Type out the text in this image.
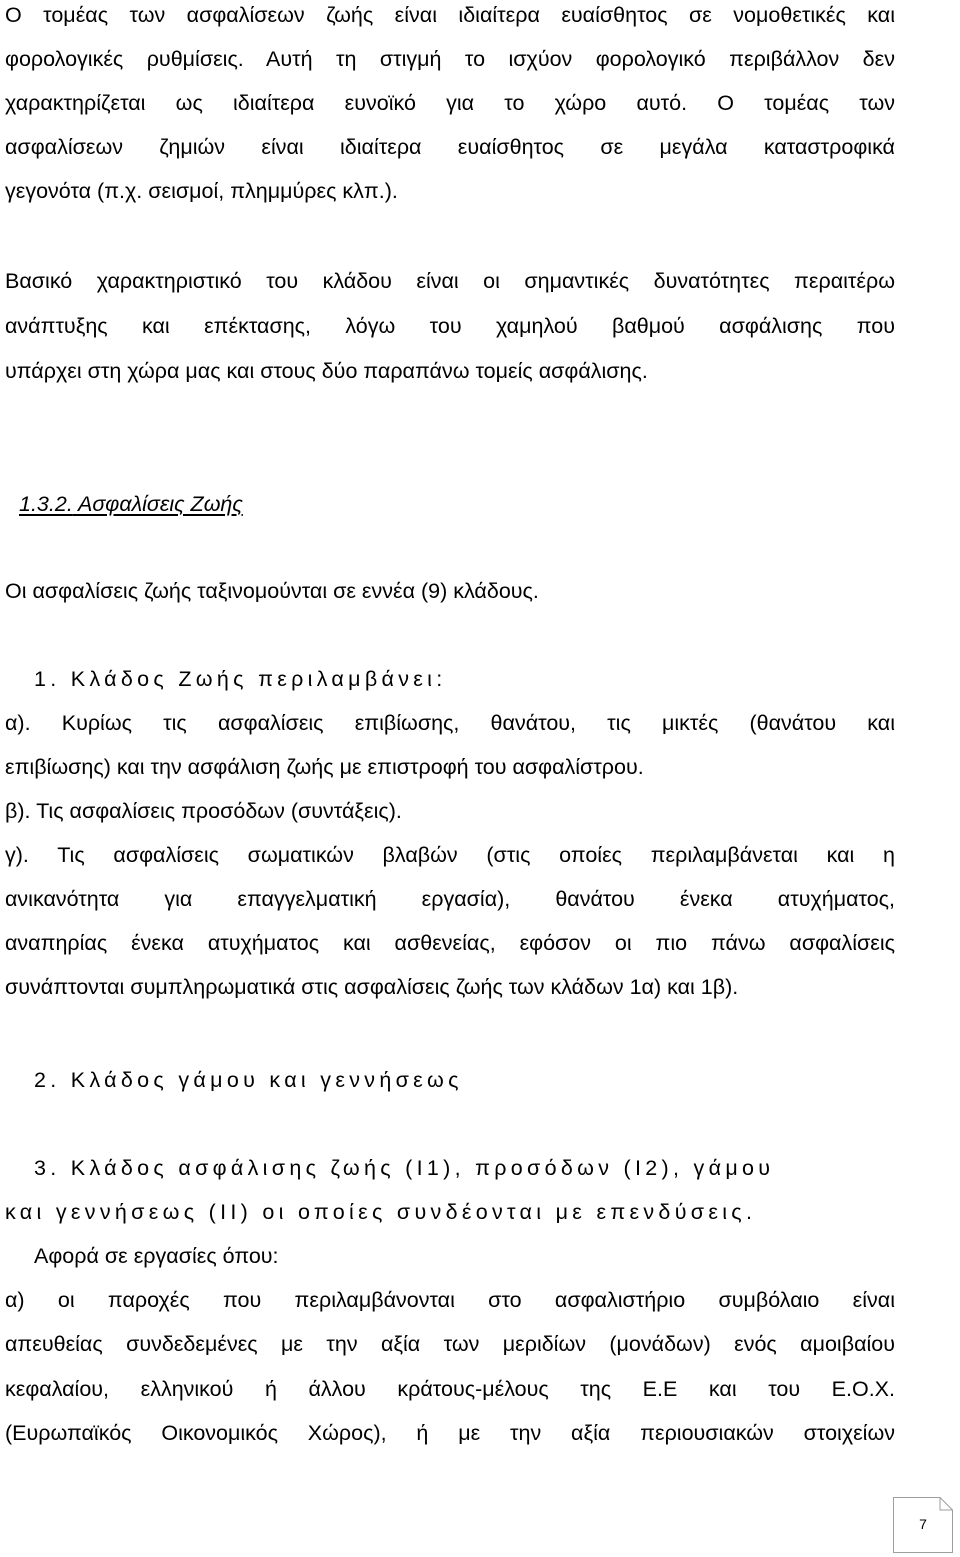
Ο τομέας των ασφαλίσεων ζωής είναι ιδιαίτερα ευαίσθητος σε νομοθετικές και
φορολογικές ρυθμίσεις. Αυτή τη στιγμή το ισχύον φορολογικό περιβάλλον δεν
χαρακτηρίζεται ως ιδιαίτερα ευνοϊκό για το χώρο αυτό. Ο τομέας των
ασφαλίσεων ζημιών είναι ιδιαίτερα ευαίσθητος σε μεγάλα καταστροφικά
γεγονότα (π.χ. σεισμοί, πλημμύρες κλπ.).
Βασικό χαρακτηριστικό του κλάδου είναι οι σημαντικές δυνατότητες περαιτέρω
ανάπτυξης και επέκτασης, λόγω του χαμηλού βαθμού ασφάλισης που
υπάρχει στη χώρα μας και στους δύο παραπάνω τομείς ασφάλισης.
1.3.2. Ασφαλίσεις Ζωής
Οι ασφαλίσεις ζωής ταξινομούνται σε εννέα (9) κλάδους.
1. Κλάδος Ζωής περιλαμβάνει:
α). Κυρίως τις ασφαλίσεις επιβίωσης, θανάτου, τις μικτές (θανάτου και
επιβίωσης) και την ασφάλιση ζωής με επιστροφή του ασφαλίστρου.
β). Τις ασφαλίσεις προσόδων (συντάξεις).
γ). Τις ασφαλίσεις σωματικών βλαβών (στις οποίες περιλαμβάνεται και η
ανικανότητα για επαγγελματική εργασία), θανάτου ένεκα ατυχήματος,
αναπηρίας ένεκα ατυχήματος και ασθενείας, εφόσον οι πιο πάνω ασφαλίσεις
συνάπτονται συμπληρωματικά στις ασφαλίσεις ζωής των κλάδων 1α) και 1β).
2. Κλάδος γάμου και γεννήσεως
3. Κλάδος ασφάλισης ζωής (Ι1), προσόδων (Ι2), γάμου
και γεννήσεως (ΙΙ) οι οποίες συνδέονται με επενδύσεις.
Αφορά σε εργασίες όπου:
α) οι παροχές που περιλαμβάνονται στο ασφαλιστήριο συμβόλαιο είναι
απευθείας συνδεδεμένες με την αξία των μεριδίων (μονάδων) ενός αμοιβαίου
κεφαλαίου, ελληνικού ή άλλου κράτους-μέλους της Ε.Ε και του Ε.Ο.Χ.
(Ευρωπαϊκός Οικονομικός Χώρος), ή με την αξία περιουσιακών στοιχείων
7
